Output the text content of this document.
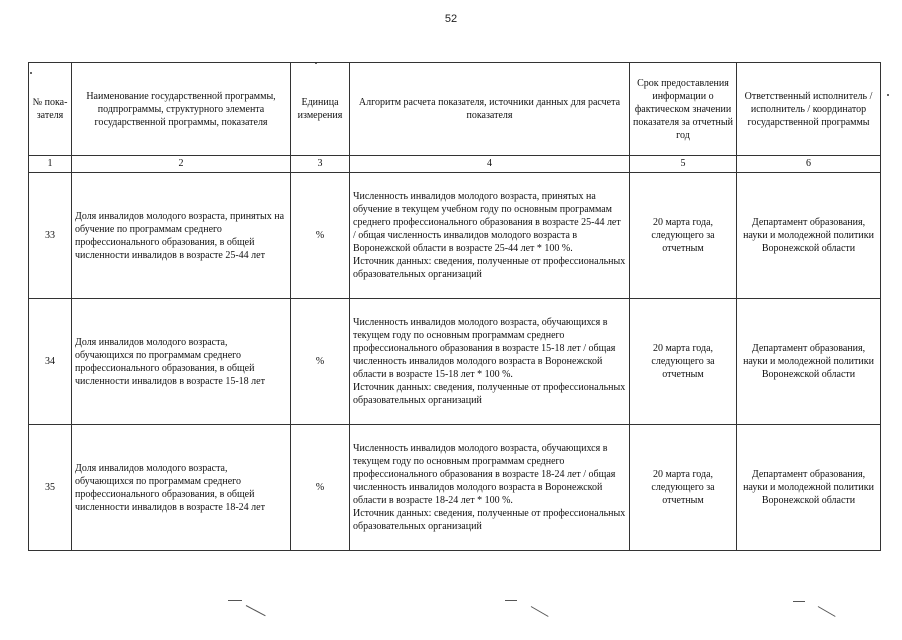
52
№ пока-
зателя	Наименование государственной программы, подпрограммы, структурного элемента государственной программы, показателя	Единица измерения	Алгоритм расчета показателя, источники данных для расчета показателя	Срок предоставления информации о фактическом значении показателя за отчетный год	Ответственный исполнитель / исполнитель / координатор государственной программы
1	2	3	4	5	6
33	Доля инвалидов молодого возраста, принятых на обучение по программам среднего профессионального образования, в общей численности инвалидов в возрасте 25-44 лет	%	Численность инвалидов молодого возраста, принятых на обучение в текущем учебном году по основным программам среднего профессионального образования в возрасте 25-44 лет / общая численность инвалидов молодого возраста в Воронежской области в возрасте 25-44 лет * 100 %.
Источник данных: сведения, полученные от профессиональных образовательных организаций	20 марта года, следующего за отчетным	Департамент образования, науки и молодежной политики Воронежской области
34	Доля инвалидов молодого возраста, обучающихся по программам среднего профессионального образования, в общей численности инвалидов в возрасте 15-18 лет	%	Численность инвалидов молодого возраста, обучающихся в текущем году по основным программам среднего профессионального образования в возрасте 15-18 лет / общая численность инвалидов молодого возраста в Воронежской области в возрасте 15-18 лет * 100 %.
Источник данных: сведения, полученные от профессиональных образовательных организаций	20 марта года, следующего за отчетным	Департамент образования, науки и молодежной политики Воронежской области
35	Доля инвалидов молодого возраста, обучающихся по программам среднего профессионального образования, в общей численности инвалидов в возрасте 18-24 лет	%	Численность инвалидов молодого возраста, обучающихся в текущем году по основным программам среднего профессионального образования в возрасте 18-24 лет / общая численность инвалидов молодого возраста в Воронежской области в возрасте 18-24 лет * 100 %.
Источник данных: сведения, полученные от профессиональных образовательных организаций	20 марта года, следующего за отчетным	Департамент образования, науки и молодежной политики Воронежской области
